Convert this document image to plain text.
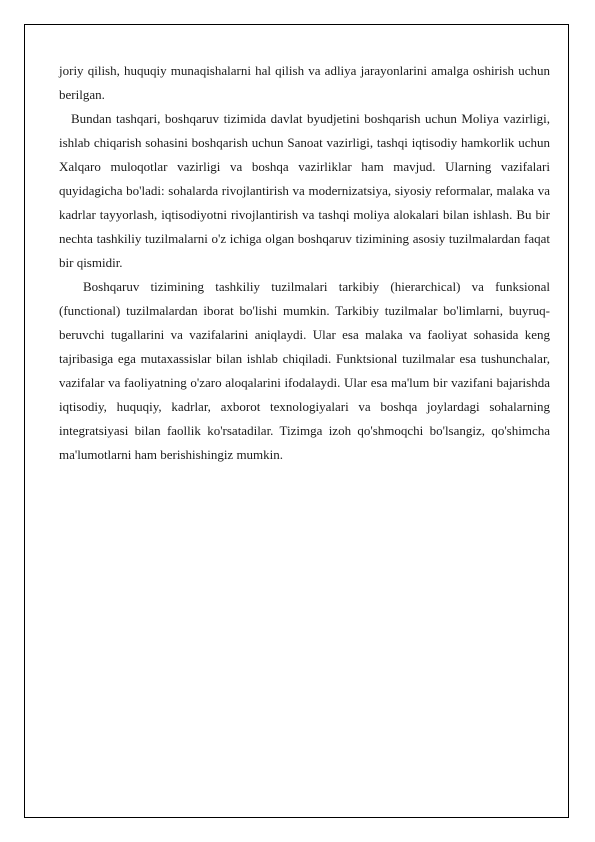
joriy qilish, huquqiy munaqishalarni hal qilish va adliya jarayonlarini amalga oshirish uchun berilgan.

Bundan tashqari, boshqaruv tizimida davlat byudjetini boshqarish uchun Moliya vazirligi, ishlab chiqarish sohasini boshqarish uchun Sanoat vazirligi, tashqi iqtisodiy hamkorlik uchun Xalqaro muloqotlar vazirligi va boshqa vazirliklar ham mavjud. Ularning vazifalari quyidagicha bo'ladi: sohalarda rivojlantirish va modernizatsiya, siyosiy reformalar, malaka va kadrlar tayyorlash, iqtisodiyotni rivojlantirish va tashqi moliya alokalari bilan ishlash. Bu bir nechta tashkiliy tuzilmalarni o'z ichiga olgan boshqaruv tizimining asosiy tuzilmalardan faqat bir qismidir.

Boshqaruv tizimining tashkiliy tuzilmalari tarkibiy (hierarchical) va funksional (functional) tuzilmalardan iborat bo'lishi mumkin. Tarkibiy tuzilmalar bo'limlarni, buyruq-beruvchi tugallarini va vazifalarini aniqlaydi. Ular esa malaka va faoliyat sohasida keng tajribasiga ega mutaxassislar bilan ishlab chiqiladi. Funktsional tuzilmalar esa tushunchalar, vazifalar va faoliyatning o'zaro aloqalarini ifodalaydi. Ular esa ma'lum bir vazifani bajarishda iqtisodiy, huquqiy, kadrlar, axborot texnologiyalari va boshqa joylardagi sohalarning integratsiyasi bilan faollik ko'rsatadilar. Tizimga izoh qo'shmoqchi bo'lsangiz, qo'shimcha ma'lumotlarni ham berishishingiz mumkin.
